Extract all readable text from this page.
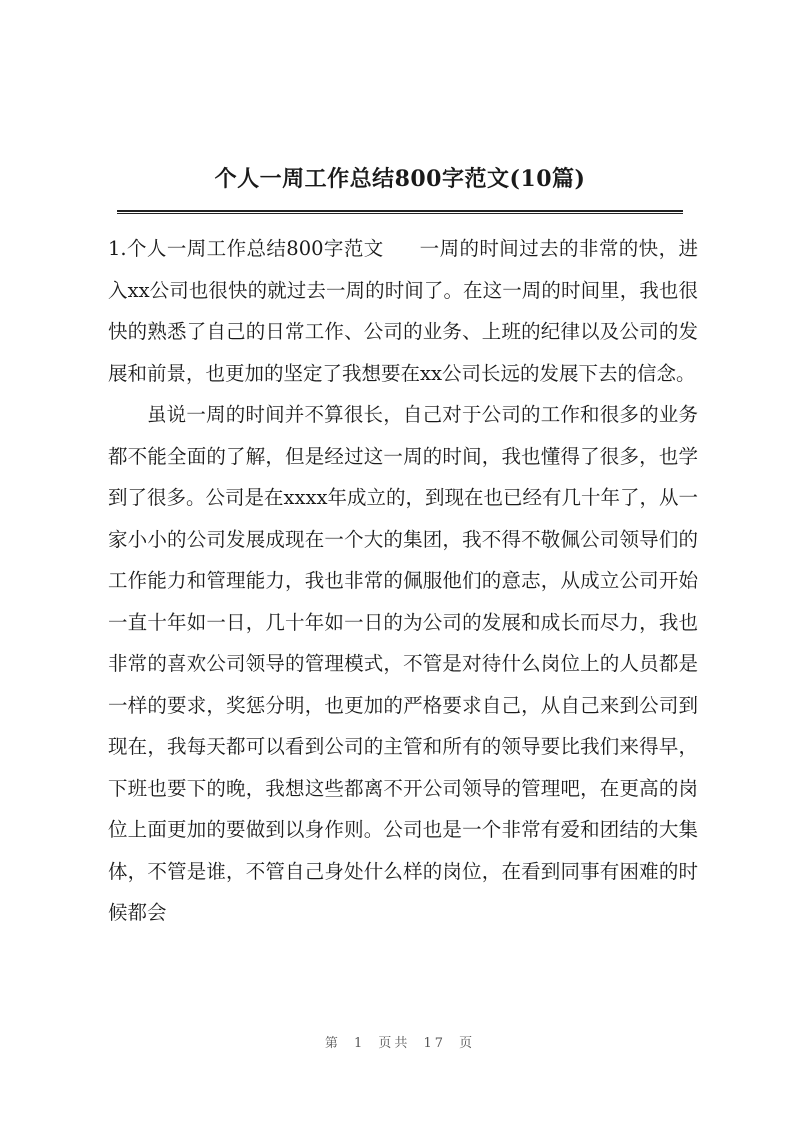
个人一周工作总结800字范文(10篇)

1.个人一周工作总结800字范文 一周的时间过去的非常的快，进入xx公司也很快的就过去一周的时间了。在这一周的时间里，我也很快的熟悉了自己的日常工作、公司的业务、上班的纪律以及公司的发展和前景，也更加的坚定了我想要在xx公司长远的发展下去的信念。

虽说一周的时间并不算很长，自己对于公司的工作和很多的业务都不能全面的了解，但是经过这一周的时间，我也懂得了很多，也学到了很多。公司是在xxxx年成立的，到现在也已经有几十年了，从一家小小的公司发展成现在一个大的集团，我不得不敬佩公司领导们的工作能力和管理能力，我也非常的佩服他们的意志，从成立公司开始一直十年如一日，几十年如一日的为公司的发展和成长而尽力，我也非常的喜欢公司领导的管理模式，不管是对待什么岗位上的人员都是一样的要求，奖惩分明，也更加的严格要求自己，从自己来到公司到现在，我每天都可以看到公司的主管和所有的领导要比我们来得早，下班也要下的晚，我想这些都离不开公司领导的管理吧，在更高的岗位上面更加的要做到以身作则。公司也是一个非常有爱和团结的大集体，不管是谁，不管自己身处什么样的岗位，在看到同事有困难的时候都会

第 1 页共 17 页
